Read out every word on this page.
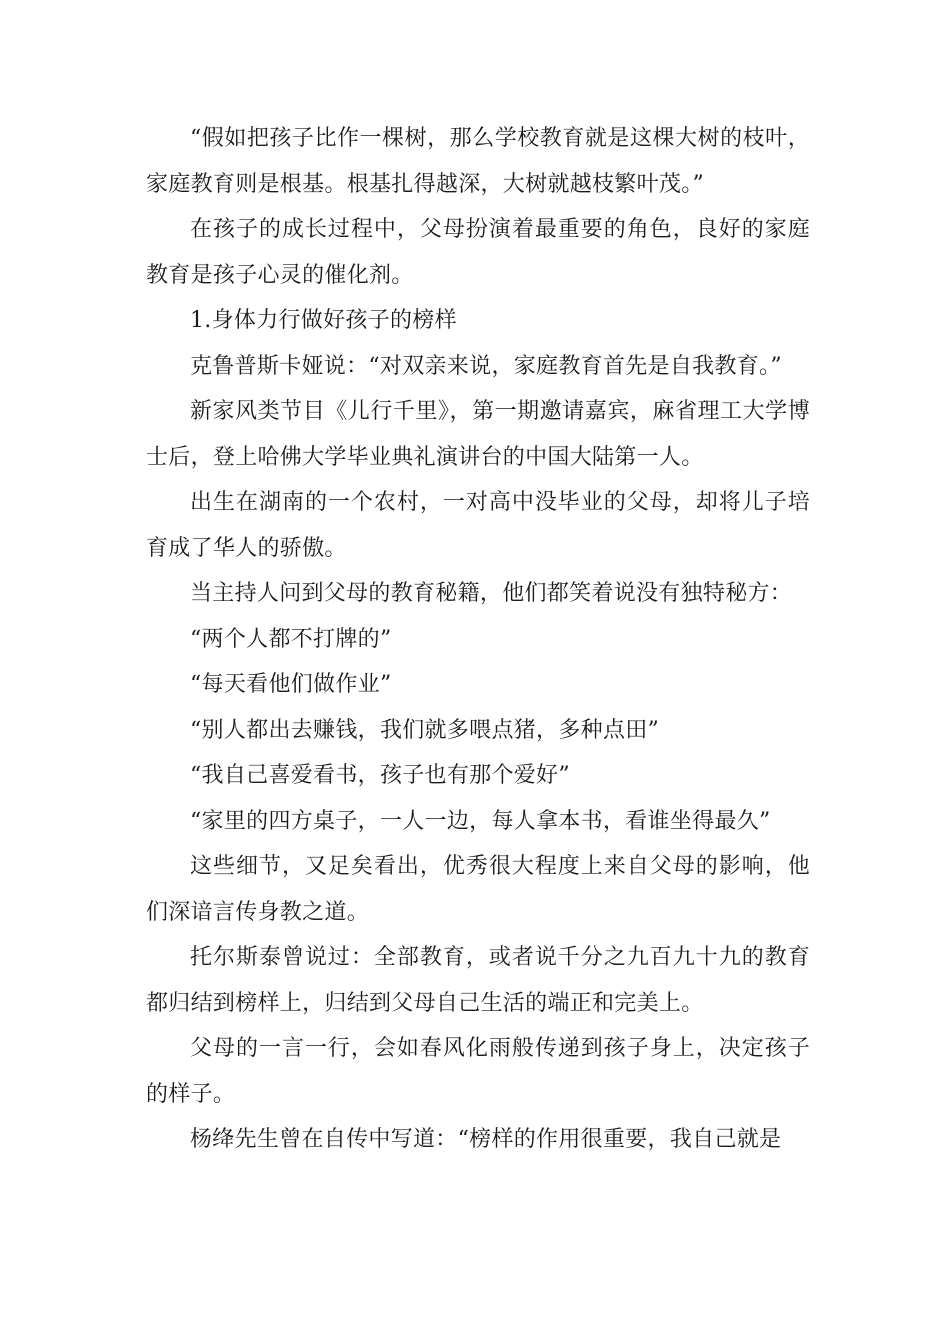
“假如把孩子比作一棵树，那么学校教育就是这棵大树的枝叶，家庭教育则是根基。根基扎得越深，大树就越枝繁叶茂。”

在孩子的成长过程中，父母扮演着最重要的角色，良好的家庭教育是孩子心灵的催化剂。

1.身体力行做好孩子的榜样

克鲁普斯卡娅说：“对双亲来说，家庭教育首先是自我教育。”

新家风类节目《儿行千里》，第一期邀请嘉宾，麻省理工大学博士后，登上哈佛大学毕业典礼演讲台的中国大陆第一人。

出生在湖南的一个农村，一对高中没毕业的父母，却将儿子培育成了华人的骄傲。

当主持人问到父母的教育秘籍，他们都笑着说没有独特秘方：

“两个人都不打牌的”

“每天看他们做作业”

“别人都出去赚钱，我们就多喂点猪，多种点田”

“我自己喜爱看书，孩子也有那个爱好”

“家里的四方桌子，一人一边，每人拿本书，看谁坐得最久”

这些细节，又足矣看出，优秀很大程度上来自父母的影响，他们深谙言传身教之道。

托尔斯泰曾说过：全部教育，或者说千分之九百九十九的教育都归结到榜样上，归结到父母自己生活的端正和完美上。

父母的一言一行，会如春风化雨般传递到孩子身上，决定孩子的样子。

杨绛先生曾在自传中写道：“榜样的作用很重要，我自己就是
